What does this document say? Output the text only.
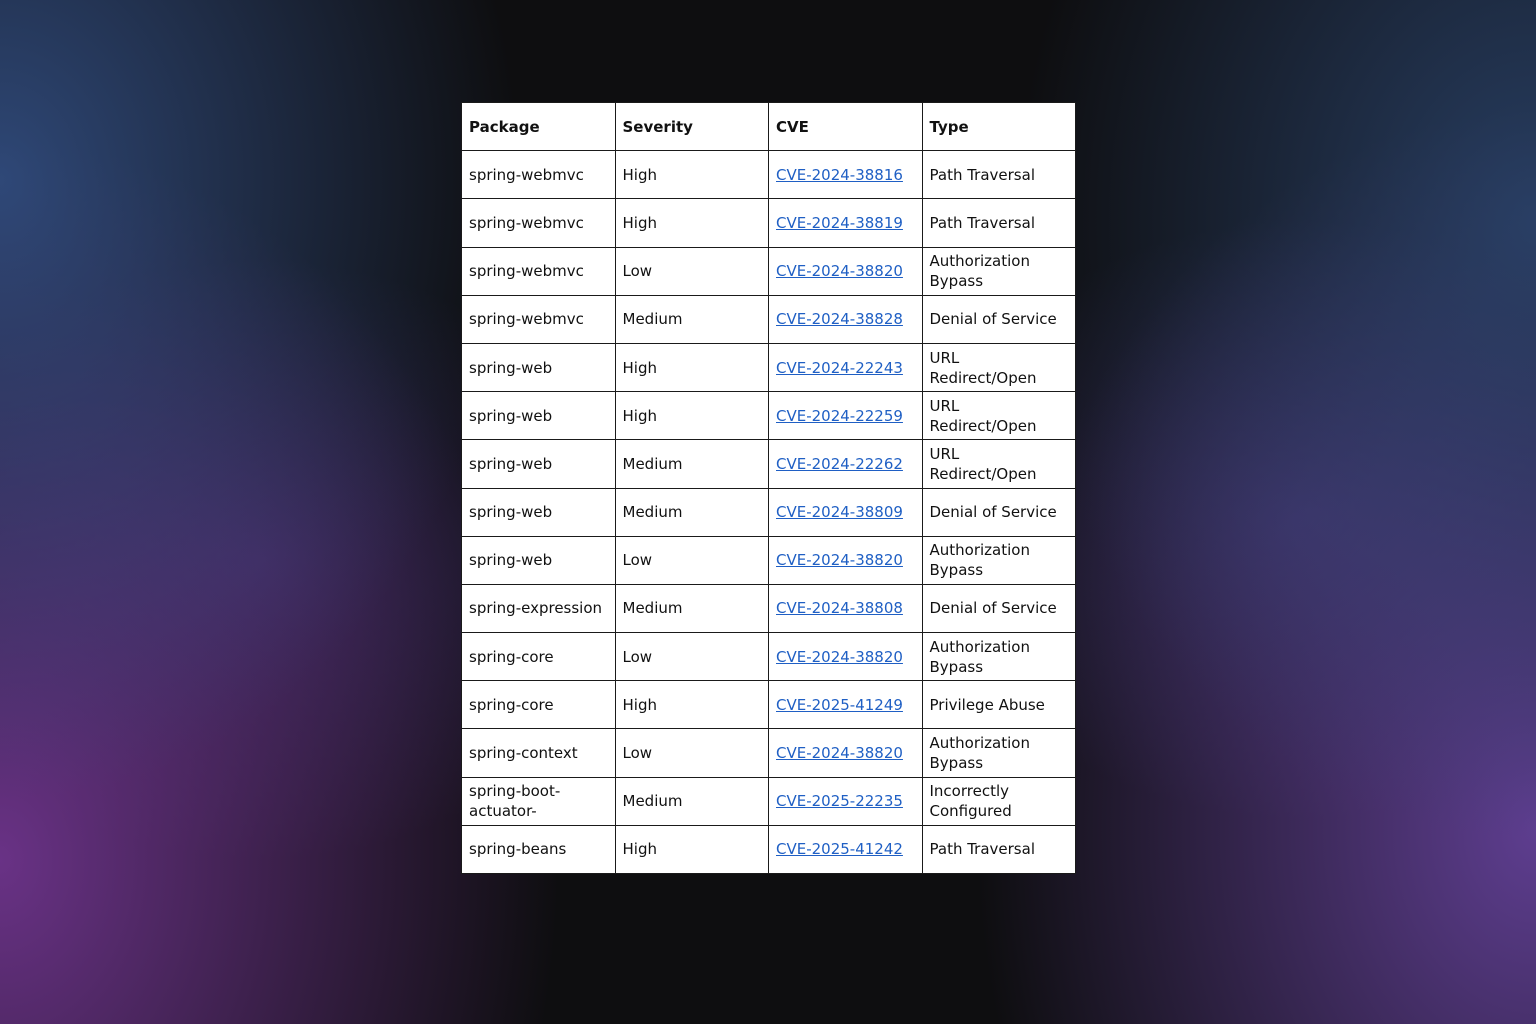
Package	Severity	CVE	Type
spring-webmvc	High	CVE-2024-38816	Path Traversal
spring-webmvc	High	CVE-2024-38819	Path Traversal
spring-webmvc	Low	CVE-2024-38820	Authorization Bypass
spring-webmvc	Medium	CVE-2024-38828	Denial of Service
spring-web	High	CVE-2024-22243	URL Redirect/Open
spring-web	High	CVE-2024-22259	URL Redirect/Open
spring-web	Medium	CVE-2024-22262	URL Redirect/Open
spring-web	Medium	CVE-2024-38809	Denial of Service
spring-web	Low	CVE-2024-38820	Authorization Bypass
spring-expression	Medium	CVE-2024-38808	Denial of Service
spring-core	Low	CVE-2024-38820	Authorization Bypass
spring-core	High	CVE-2025-41249	Privilege Abuse
spring-context	Low	CVE-2024-38820	Authorization Bypass
spring-boot-actuator-	Medium	CVE-2025-22235	Incorrectly Configured
spring-beans	High	CVE-2025-41242	Path Traversal
